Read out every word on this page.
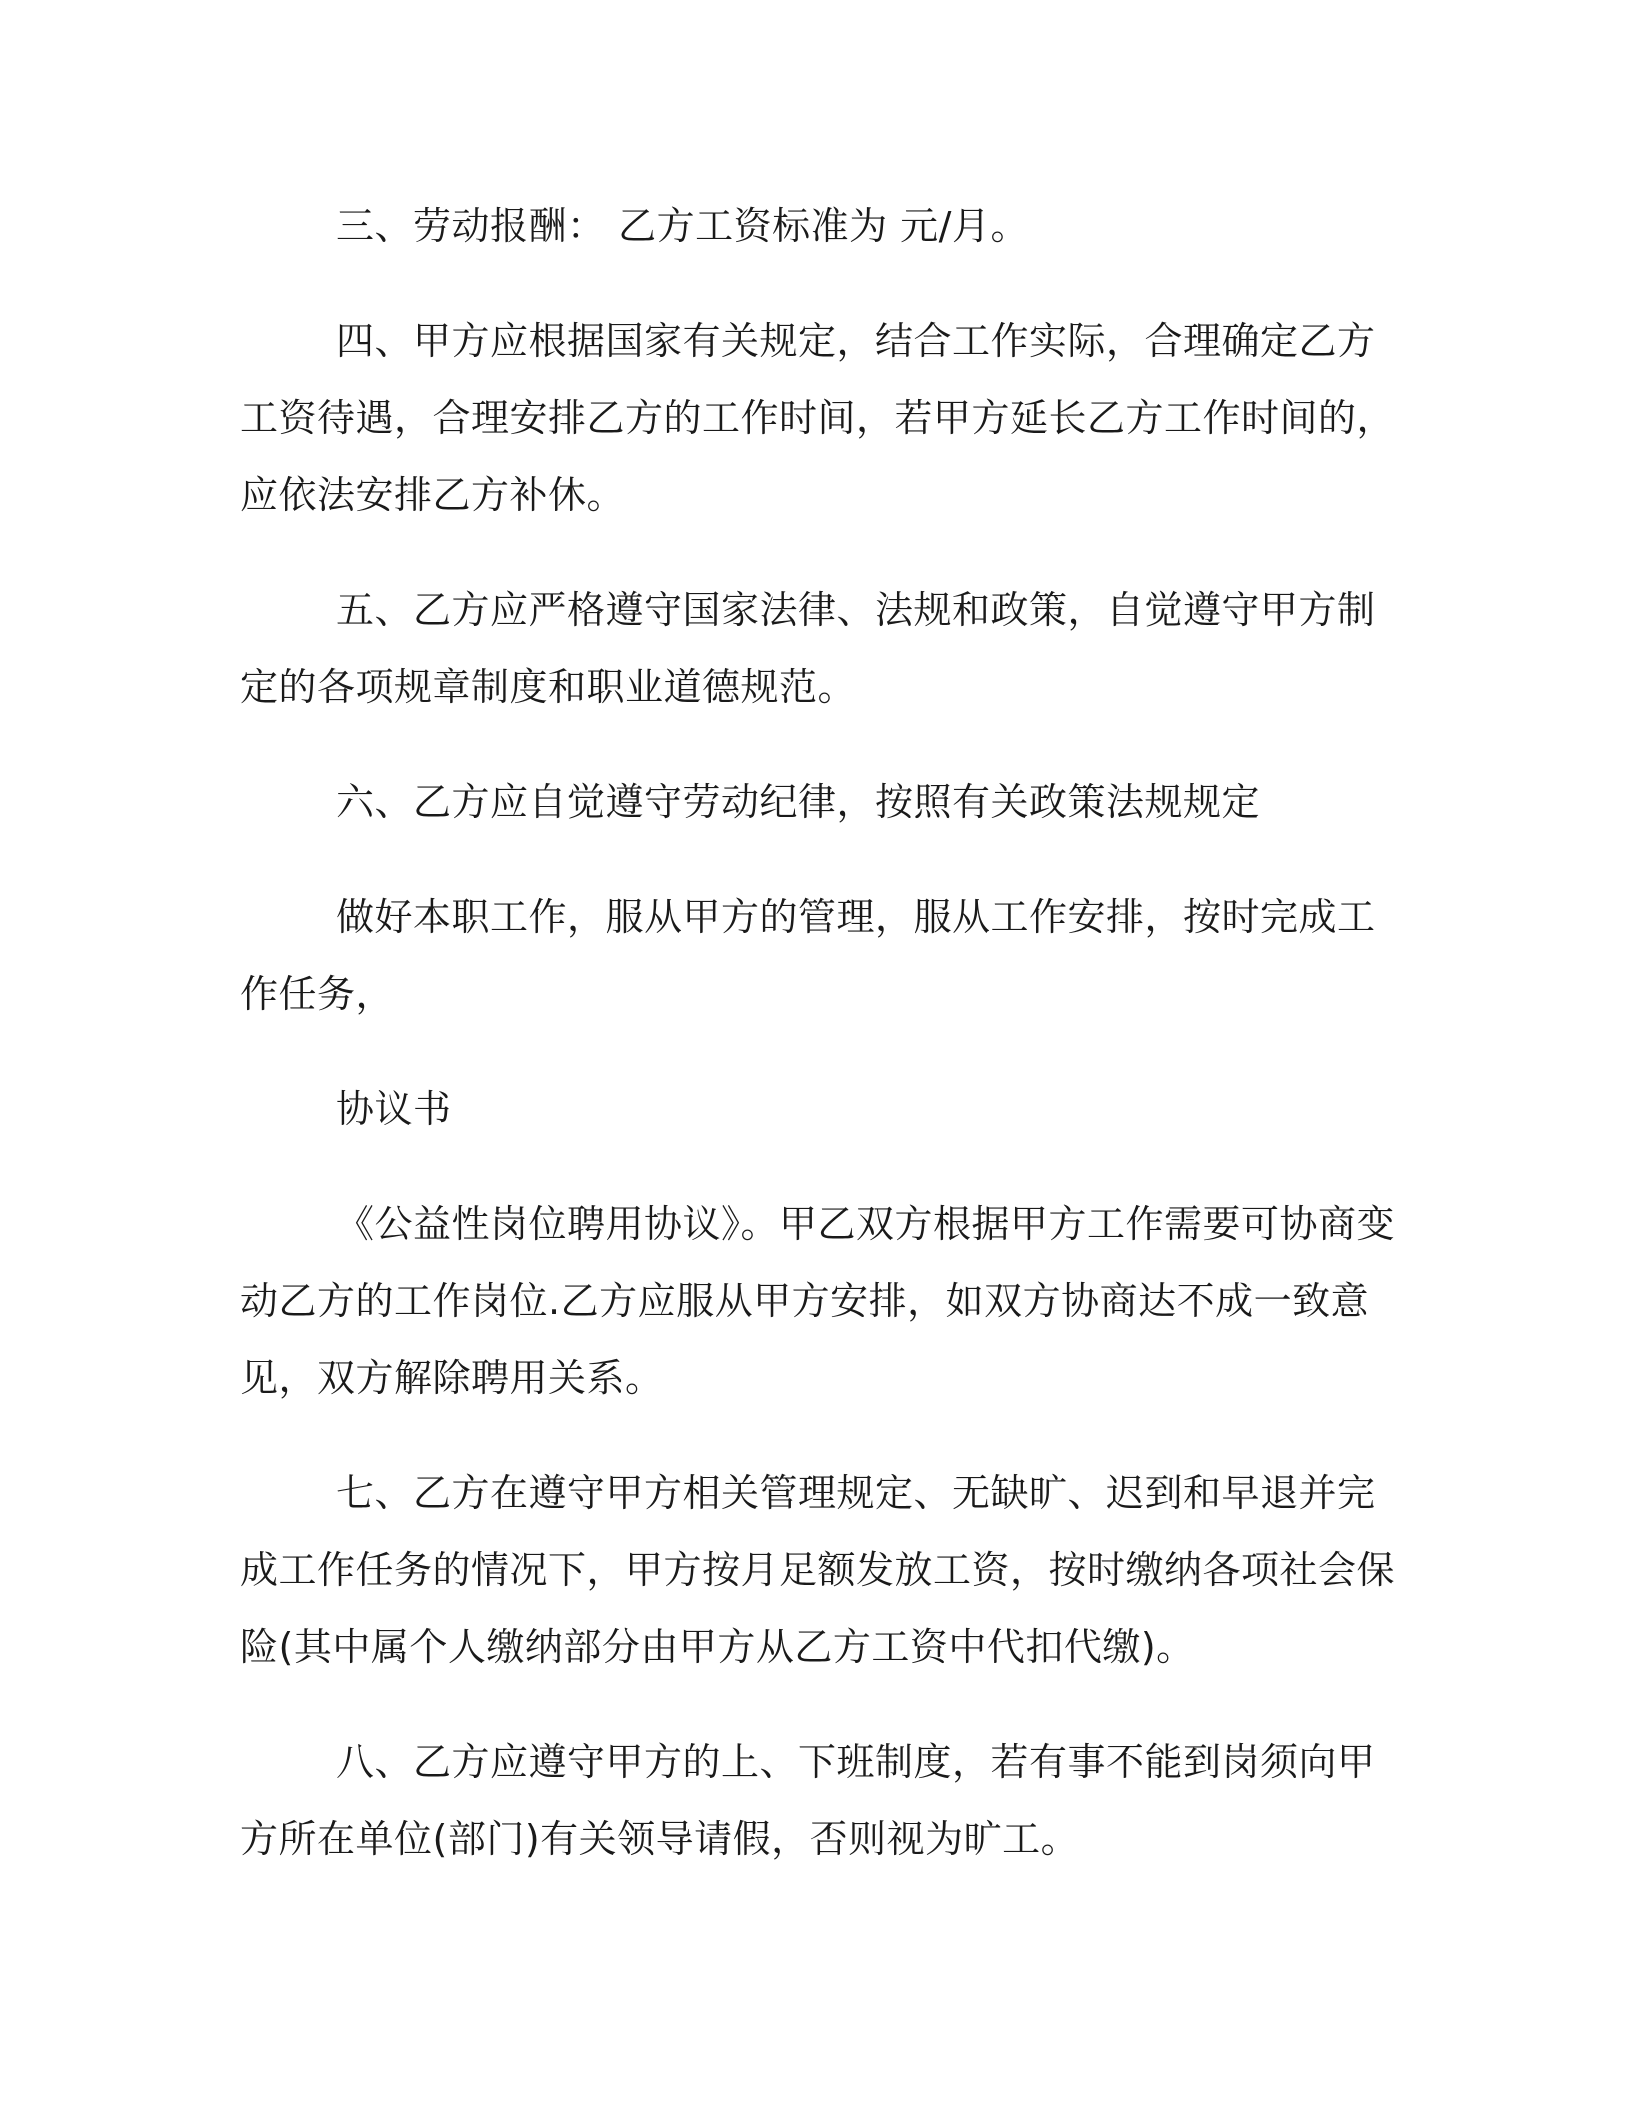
三、劳动报酬： 乙方工资标准为 元/月。

四、甲方应根据国家有关规定，结合工作实际，合理确定乙方工资待遇，合理安排乙方的工作时间，若甲方延长乙方工作时间的，应依法安排乙方补休。

五、乙方应严格遵守国家法律、法规和政策，自觉遵守甲方制定的各项规章制度和职业道德规范。

六、乙方应自觉遵守劳动纪律，按照有关政策法规规定

做好本职工作，服从甲方的管理，服从工作安排，按时完成工作任务，

协议书

《公益性岗位聘用协议》。甲乙双方根据甲方工作需要可协商变动乙方的工作岗位.乙方应服从甲方安排，如双方协商达不成一致意见，双方解除聘用关系。

七、乙方在遵守甲方相关管理规定、无缺旷、迟到和早退并完成工作任务的情况下，甲方按月足额发放工资，按时缴纳各项社会保险(其中属个人缴纳部分由甲方从乙方工资中代扣代缴)。

八、乙方应遵守甲方的上、下班制度，若有事不能到岗须向甲方所在单位(部门)有关领导请假，否则视为旷工。
